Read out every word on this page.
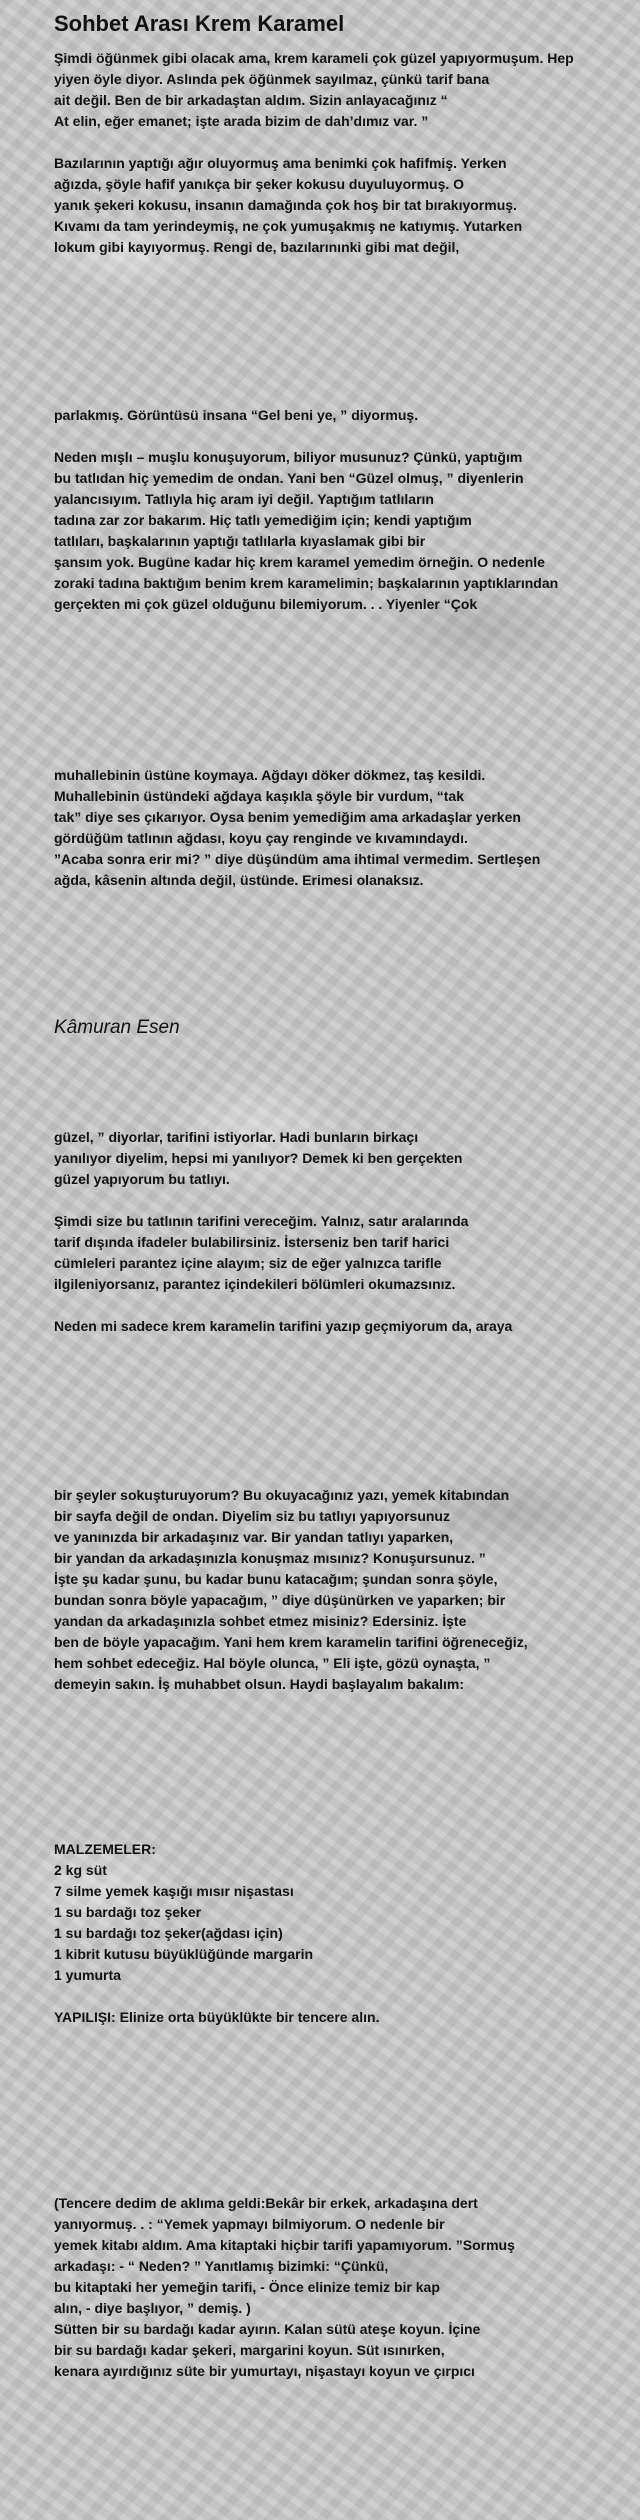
Sohbet Arası Krem Karamel
Şimdi öğünmek gibi olacak ama, krem karameli çok güzel yapıyormuşum. Hep
yiyen öyle diyor. Aslında pek öğünmek sayılmaz, çünkü tarif bana
ait değil. Ben de bir arkadaştan aldım. Sizin anlayacağınız “
At elin, eğer emanet; işte arada bizim de dah’dımız var. ”
Bazılarının yaptığı ağır oluyormuş ama benimki çok hafifmiş. Yerken
ağızda, şöyle hafif yanıkça bir şeker kokusu duyuluyormuş. O
yanık şekeri kokusu, insanın damağında çok hoş bir tat bırakıyormuş.
Kıvamı da tam yerindeymiş, ne çok yumuşakmış ne katıymış. Yutarken
lokum gibi kayıyormuş. Rengi de, bazılarınınki gibi mat değil,
parlakmış. Görüntüsü insana “Gel beni ye, ” diyormuş.
Neden mışlı – muşlu konuşuyorum, biliyor musunuz? Çünkü, yaptığım
bu tatlıdan hiç yemedim de ondan. Yani ben “Güzel olmuş, ” diyenlerin
yalancısıyım. Tatlıyla hiç aram iyi değil. Yaptığım tatlıların
tadına zar zor bakarım. Hiç tatlı yemediğim için; kendi yaptığım
tatlıları, başkalarının yaptığı tatlılarla kıyaslamak gibi bir
şansım yok. Bugüne kadar hiç krem karamel yemedim örneğin. O nedenle
zoraki tadına baktığım benim krem karamelimin; başkalarının yaptıklarından
gerçekten mi çok güzel olduğunu bilemiyorum. . . Yiyenler “Çok
muhallebinin üstüne koymaya. Ağdayı döker dökmez, taş kesildi.
Muhallebinin üstündeki ağdaya kaşıkla şöyle bir vurdum, “tak
tak” diye ses çıkarıyor. Oysa benim yemediğim ama arkadaşlar yerken
gördüğüm tatlının ağdası, koyu çay renginde ve kıvamındaydı.
”Acaba sonra erir mi? ” diye düşündüm ama ihtimal vermedim. Sertleşen
ağda, kâsenin altında değil, üstünde. Erimesi olanaksız.
Kâmuran Esen
güzel, ” diyorlar, tarifini istiyorlar. Hadi bunların birkaçı
yanılıyor diyelim, hepsi mi yanılıyor? Demek ki ben gerçekten
güzel yapıyorum bu tatlıyı.
Şimdi size bu tatlının tarifini vereceğim. Yalnız, satır aralarında
tarif dışında ifadeler bulabilirsiniz. İsterseniz ben tarif harici
cümleleri parantez içine alayım; siz de eğer yalnızca tarifle
ilgileniyorsanız, parantez içindekileri bölümleri okumazsınız.
Neden mi sadece krem karamelin tarifini yazıp geçmiyorum da, araya
bir şeyler sokuşturuyorum? Bu okuyacağınız yazı, yemek kitabından
bir sayfa değil de ondan. Diyelim siz bu tatlıyı yapıyorsunuz
ve yanınızda bir arkadaşınız var. Bir yandan tatlıyı yaparken,
bir yandan da arkadaşınızla konuşmaz mısınız? Konuşursunuz. ”
İşte şu kadar şunu, bu kadar bunu katacağım; şundan sonra şöyle,
bundan sonra böyle yapacağım, ” diye düşünürken ve yaparken; bir
yandan da arkadaşınızla sohbet etmez misiniz? Edersiniz. İşte
ben de böyle yapacağım. Yani hem krem karamelin tarifini öğreneceğiz,
hem sohbet edeceğiz. Hal böyle olunca, ” Eli işte, gözü oynaşta, ”
demeyin sakın. İş muhabbet olsun. Haydi başlayalım bakalım:
MALZEMELER:
2 kg süt
7 silme yemek kaşığı mısır nişastası
1 su bardağı toz şeker
1 su bardağı toz şeker(ağdası için)
1 kibrit kutusu büyüklüğünde margarin
1 yumurta
YAPILIŞI: Elinize orta büyüklükte bir tencere alın.
(Tencere dedim de aklıma geldi:Bekâr bir erkek, arkadaşına dert
yanıyormuş. . : “Yemek yapmayı bilmiyorum. O nedenle bir
yemek kitabı aldım. Ama kitaptaki hiçbir tarifi yapamıyorum. ”Sormuş
arkadaşı: - “ Neden? ” Yanıtlamış bizimki: “Çünkü,
bu kitaptaki her yemeğin tarifi, - Önce elinize temiz bir kap
alın, - diye başlıyor, ” demiş. )
Sütten bir su bardağı kadar ayırın. Kalan sütü ateşe koyun. İçine
bir su bardağı kadar şekeri, margarini koyun. Süt ısınırken,
kenara ayırdığınız süte bir yumurtayı, nişastayı koyun ve çırpıcı
